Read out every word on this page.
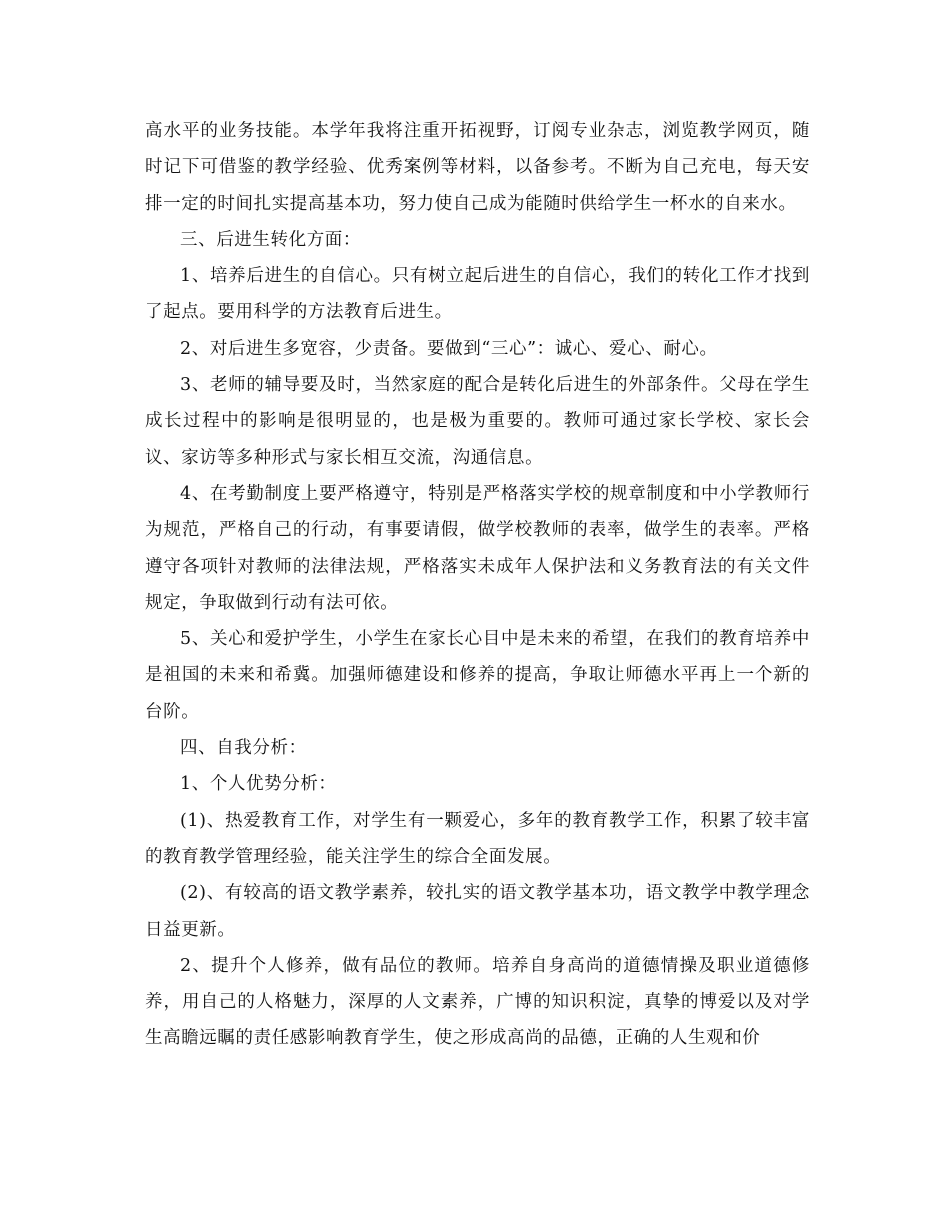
高水平的业务技能。本学年我将注重开拓视野，订阅专业杂志，浏览教学网页，随时记下可借鉴的教学经验、优秀案例等材料，以备参考。不断为自己充电，每天安排一定的时间扎实提高基本功，努力使自己成为能随时供给学生一杯水的自来水。

三、后进生转化方面：

1、培养后进生的自信心。只有树立起后进生的自信心，我们的转化工作才找到了起点。要用科学的方法教育后进生。

2、对后进生多宽容，少责备。要做到“三心”：诚心、爱心、耐心。

3、老师的辅导要及时，当然家庭的配合是转化后进生的外部条件。父母在学生成长过程中的影响是很明显的，也是极为重要的。教师可通过家长学校、家长会议、家访等多种形式与家长相互交流，沟通信息。

4、在考勤制度上要严格遵守，特别是严格落实学校的规章制度和中小学教师行为规范，严格自己的行动，有事要请假，做学校教师的表率，做学生的表率。严格遵守各项针对教师的法律法规，严格落实未成年人保护法和义务教育法的有关文件规定，争取做到行动有法可依。

5、关心和爱护学生，小学生在家长心目中是未来的希望，在我们的教育培养中是祖国的未来和希冀。加强师德建设和修养的提高，争取让师德水平再上一个新的台阶。

四、自我分析：

1、个人优势分析：

(1)、热爱教育工作，对学生有一颗爱心，多年的教育教学工作，积累了较丰富的教育教学管理经验，能关注学生的综合全面发展。

(2)、有较高的语文教学素养，较扎实的语文教学基本功，语文教学中教学理念日益更新。

2、提升个人修养，做有品位的教师。培养自身高尚的道德情操及职业道德修养，用自己的人格魅力，深厚的人文素养，广博的知识积淀，真挚的博爱以及对学生高瞻远瞩的责任感影响教育学生，使之形成高尚的品德，正确的人生观和价
